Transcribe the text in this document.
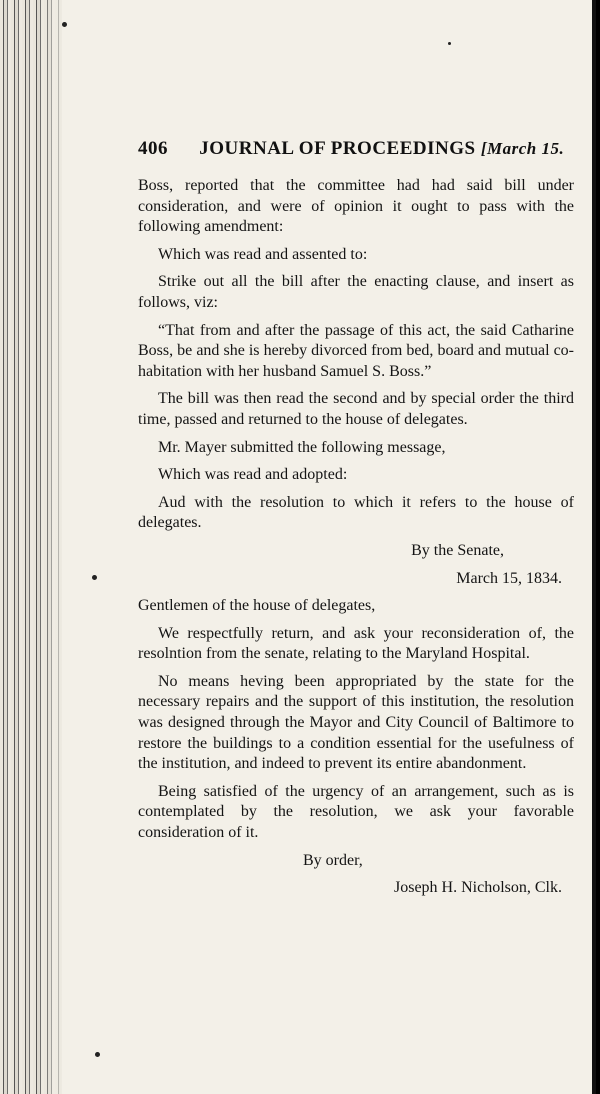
406 JOURNAL OF PROCEEDINGS [March 15.

Boss, reported that the committee had had said bill under consideration, and were of opinion it ought to pass with the following amendment:

Which was read and assented to:

Strike out all the bill after the enacting clause, and insert as follows, viz:

“That from and after the passage of this act, the said Catharine Boss, be and she is hereby divorced from bed, board and mutual co-habitation with her husband Samuel S. Boss.”

The bill was then read the second and by special order the third time, passed and returned to the house of delegates.

Mr. Mayer submitted the following message,

Which was read and adopted:

Aud with the resolution to which it refers to the house of delegates.

By the Senate,

March 15, 1834.

Gentlemen of the house of delegates,

We respectfully return, and ask your reconsideration of, the resolntion from the senate, relating to the Maryland Hospital.

No means heving been appropriated by the state for the necessary repairs and the support of this institution, the resolution was designed through the Mayor and City Council of Baltimore to restore the buildings to a condition essential for the usefulness of the institution, and indeed to prevent its entire abandonment.

Being satisfied of the urgency of an arrangement, such as is contemplated by the resolution, we ask your favorable consideration of it.

By order,

Joseph H. Nicholson, Clk.
